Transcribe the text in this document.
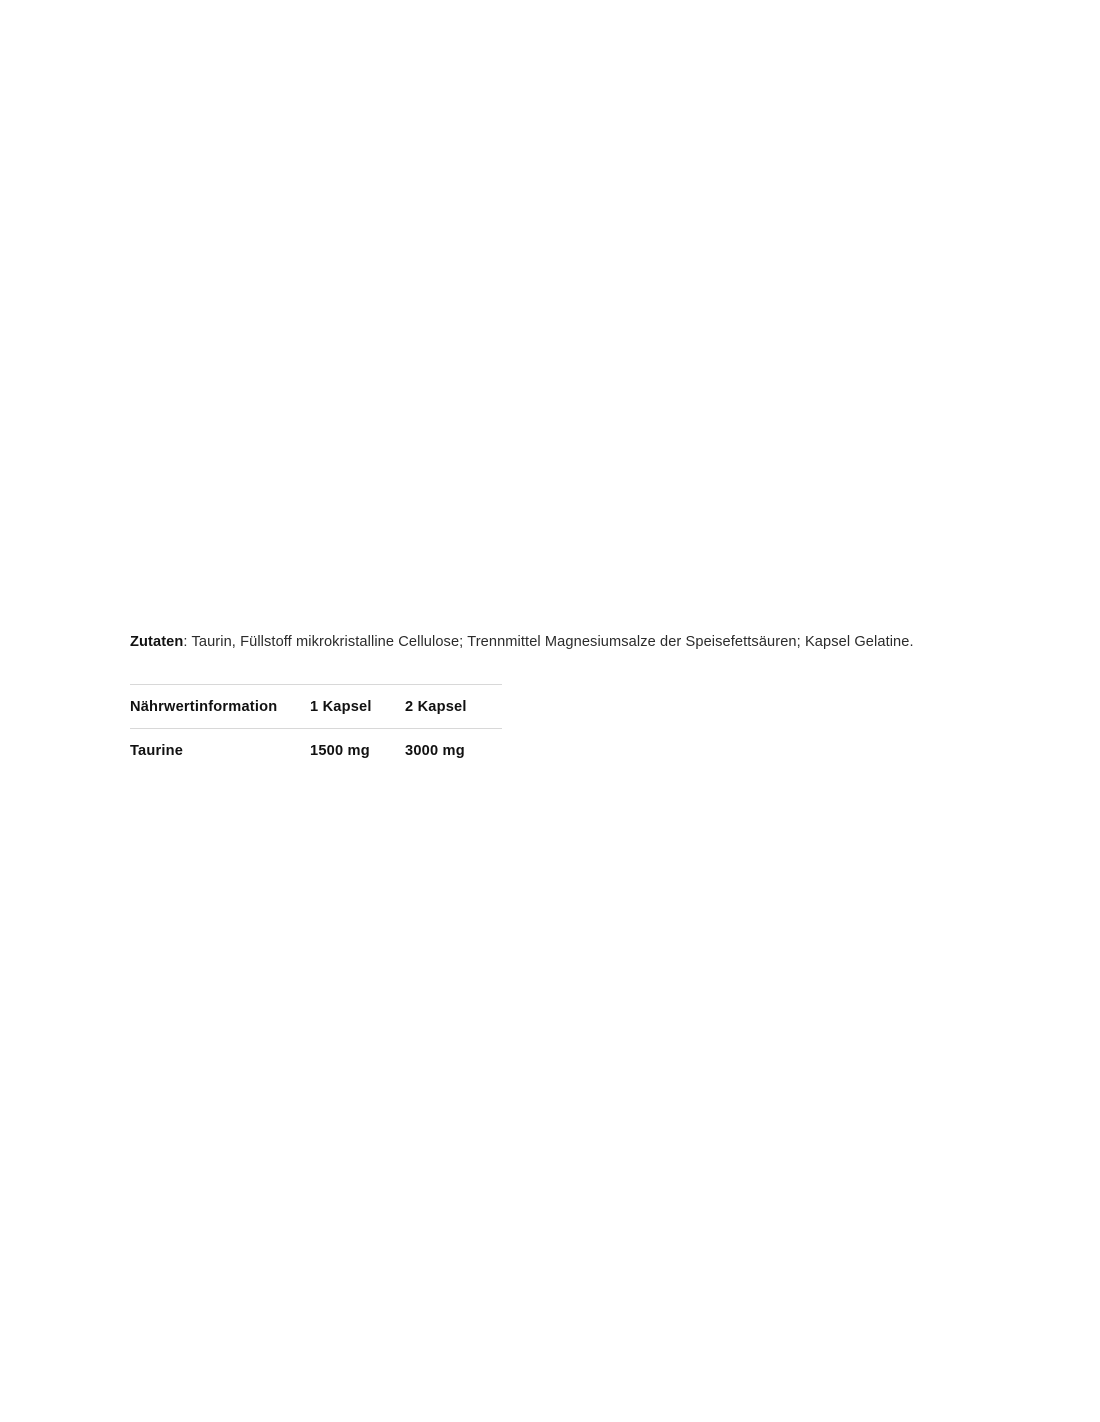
Zutaten: Taurin, Füllstoff mikrokristalline Cellulose; Trennmittel Magnesiumsalze der Speisefettsäuren; Kapsel Gelatine.

Nährwertinformation	1 Kapsel	2 Kapsel
Taurine	1500 mg	3000 mg
